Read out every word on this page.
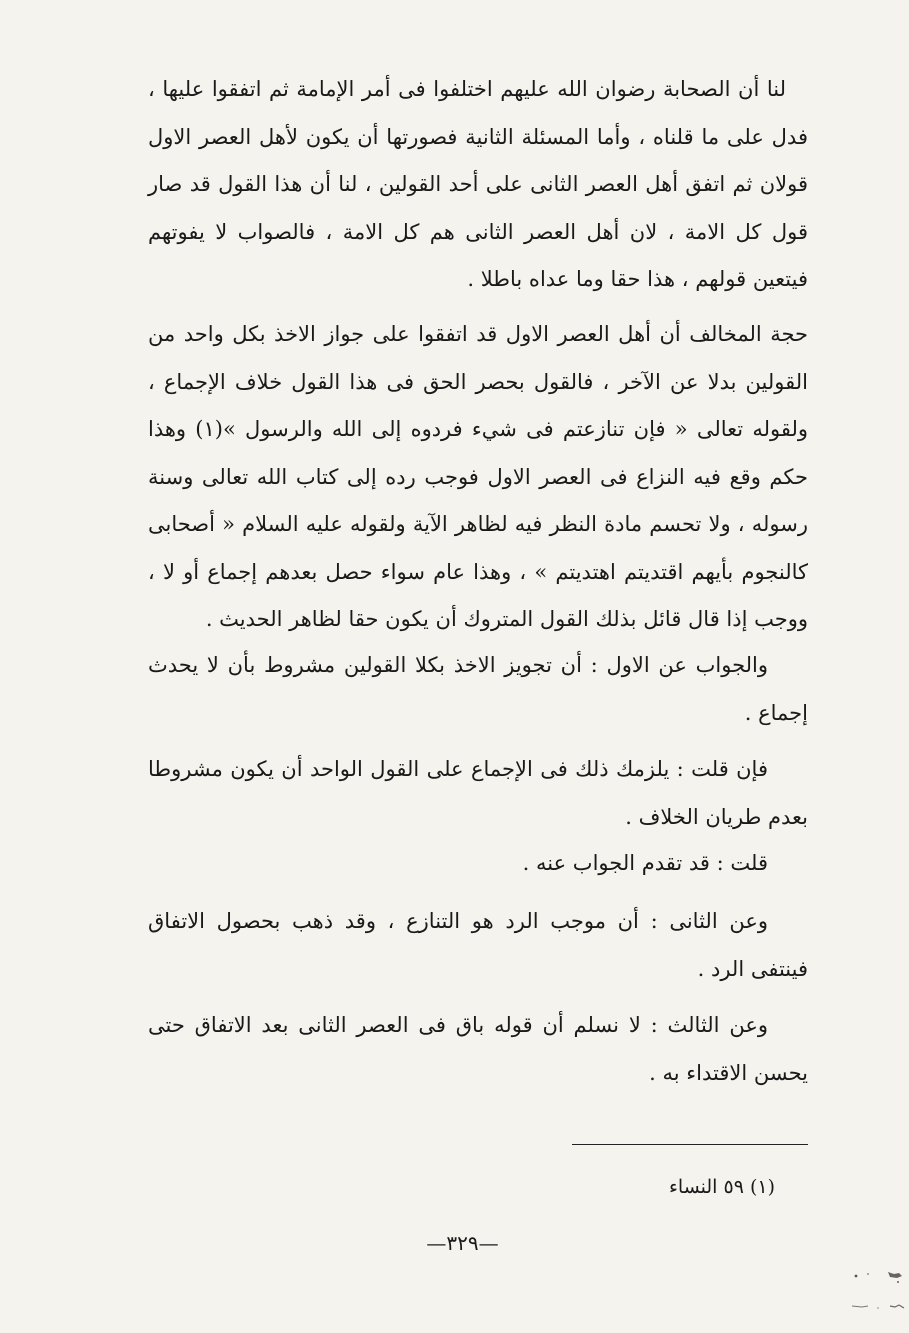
لنا أن الصحابة رضوان الله عليهم اختلفوا فى أمر الإمامة ثم اتفقوا عليها ، فدل على ما قلناه ، وأما المسئلة الثانية فصورتها أن يكون لأهل العصر الاول قولان ثم اتفق أهل العصر الثانى على أحد القولين ، لنا أن هذا القول قد صار قول كل الامة ، لان أهل العصر الثانى هم كل الامة ، فالصواب لا يفوتهم فيتعين قولهم ، هذا حقا وما عداه باطلا .

حجة المخالف أن أهل العصر الاول قد اتفقوا على جواز الاخذ بكل واحد من القولين بدلا عن الآخر ، فالقول بحصر الحق فى هذا القول خلاف الإجماع ، ولقوله تعالى « فإن تنازعتم فى شيء فردوه إلى الله والرسول »(١) وهذا حكم وقع فيه النزاع فى العصر الاول فوجب رده إلى كتاب الله تعالى وسنة رسوله ، ولا تحسم مادة النظر فيه لظاهر الآية ولقوله عليه السلام « أصحابى كالنجوم بأيهم اقتديتم اهتديتم » ، وهذا عام سواء حصل بعدهم إجماع أو لا ، ووجب إذا قال قائل بذلك القول المتروك أن يكون حقا لظاهر الحديث .

والجواب عن الاول : أن تجويز الاخذ بكلا القولين مشروط بأن لا يحدث إجماع .

فإن قلت : يلزمك ذلك فى الإجماع على القول الواحد أن يكون مشروطا بعدم طريان الخلاف .

قلت : قد تقدم الجواب عنه .

وعن الثانى : أن موجب الرد هو التنازع ، وقد ذهب بحصول الاتفاق فينتفى الرد .

وعن الثالث : لا نسلم أن قوله باق فى العصر الثانى بعد الاتفاق حتى يحسن الاقتداء به .

(١) ٥٩ النساء
—٣٢٩—
